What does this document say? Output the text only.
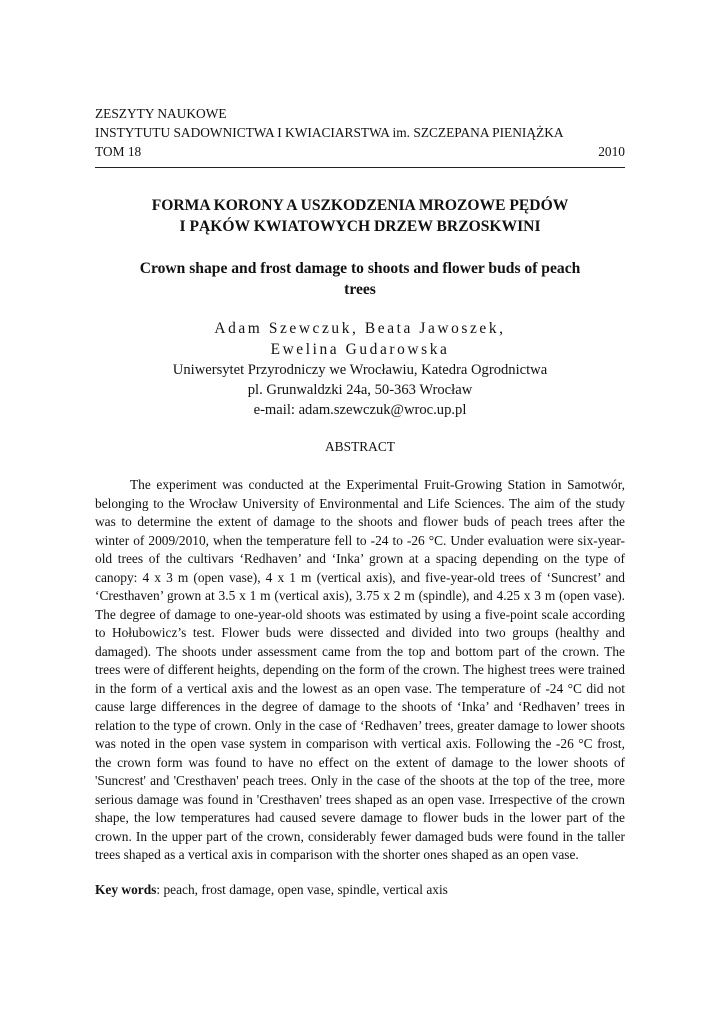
ZESZYTY NAUKOWE
INSTYTUTU SADOWNICTWA I KWIACIARSTWA im. SZCZEPANA PIENIĄŻKA
TOM 18	2010
FORMA KORONY A USZKODZENIA MROZOWE PĘDÓW
I PĄKÓW KWIATOWYCH DRZEW BRZOSKWINI
Crown shape and frost damage to shoots and flower buds of peach
trees
Adam Szewczuk, Beata Jawoszek,
Ewelina Gudarowska
Uniwersytet Przyrodniczy we Wrocławiu, Katedra Ogrodnictwa
pl. Grunwaldzki 24a, 50-363 Wrocław
e-mail: adam.szewczuk@wroc.up.pl
ABSTRACT

The experiment was conducted at the Experimental Fruit-Growing Station in Samotwór, belonging to the Wrocław University of Environmental and Life Sciences. The aim of the study was to determine the extent of damage to the shoots and flower buds of peach trees after the winter of 2009/2010, when the temperature fell to -24 to -26 °C. Under evaluation were six-year-old trees of the cultivars ‘Redhaven’ and ‘Inka’ grown at a spacing depending on the type of canopy: 4 x 3 m (open vase), 4 x 1 m (vertical axis), and five-year-old trees of ‘Suncrest’ and ‘Cresthaven’ grown at 3.5 x 1 m (vertical axis), 3.75 x 2 m (spindle), and 4.25 x 3 m (open vase). The degree of damage to one-year-old shoots was estimated by using a five-point scale according to Hołubowicz’s test. Flower buds were dissected and divided into two groups (healthy and damaged). The shoots under assessment came from the top and bottom part of the crown. The trees were of different heights, depending on the form of the crown. The highest trees were trained in the form of a vertical axis and the lowest as an open vase. The temperature of -24 °C did not cause large differences in the degree of damage to the shoots of ‘Inka’ and ‘Redhaven’ trees in relation to the type of crown. Only in the case of ‘Redhaven’ trees, greater damage to lower shoots was noted in the open vase system in comparison with vertical axis. Following the -26 °C frost, the crown form was found to have no effect on the extent of damage to the lower shoots of 'Suncrest' and 'Cresthaven' peach trees. Only in the case of the shoots at the top of the tree, more serious damage was found in 'Cresthaven' trees shaped as an open vase. Irrespective of the crown shape, the low temperatures had caused severe damage to flower buds in the lower part of the crown. In the upper part of the crown, considerably fewer damaged buds were found in the taller trees shaped as a vertical axis in comparison with the shorter ones shaped as an open vase.

Key words: peach, frost damage, open vase, spindle, vertical axis
